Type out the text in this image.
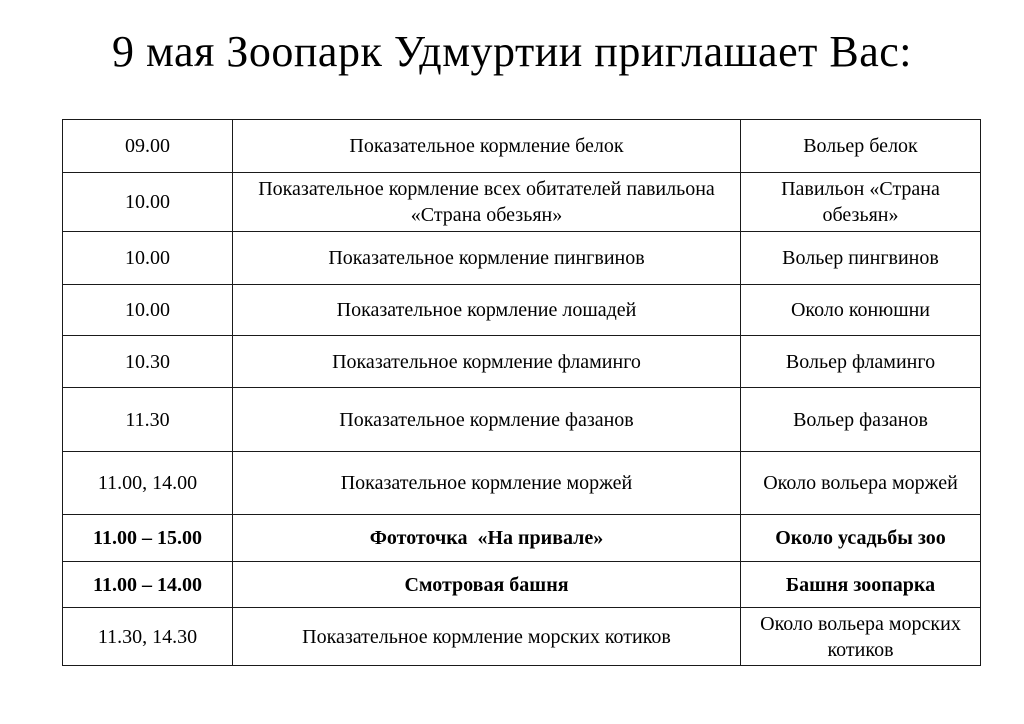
9 мая Зоопарк Удмуртии приглашает Вас:
09.00	Показательное кормление белок	Вольер белок
10.00	Показательное кормление всех обитателей павильона «Страна обезьян»	Павильон «Страна обезьян»
10.00	Показательное кормление пингвинов	Вольер пингвинов
10.00	Показательное кормление лошадей	Около конюшни
10.30	Показательное кормление фламинго	Вольер фламинго
11.30	Показательное кормление фазанов	Вольер фазанов
11.00, 14.00	Показательное кормление моржей	Около вольера моржей
11.00 – 15.00	Фототочка  «На привале»	Около усадьбы зоо
11.00 – 14.00	Смотровая башня	Башня зоопарка
11.30, 14.30	Показательное кормление морских котиков	Около вольера морских котиков
